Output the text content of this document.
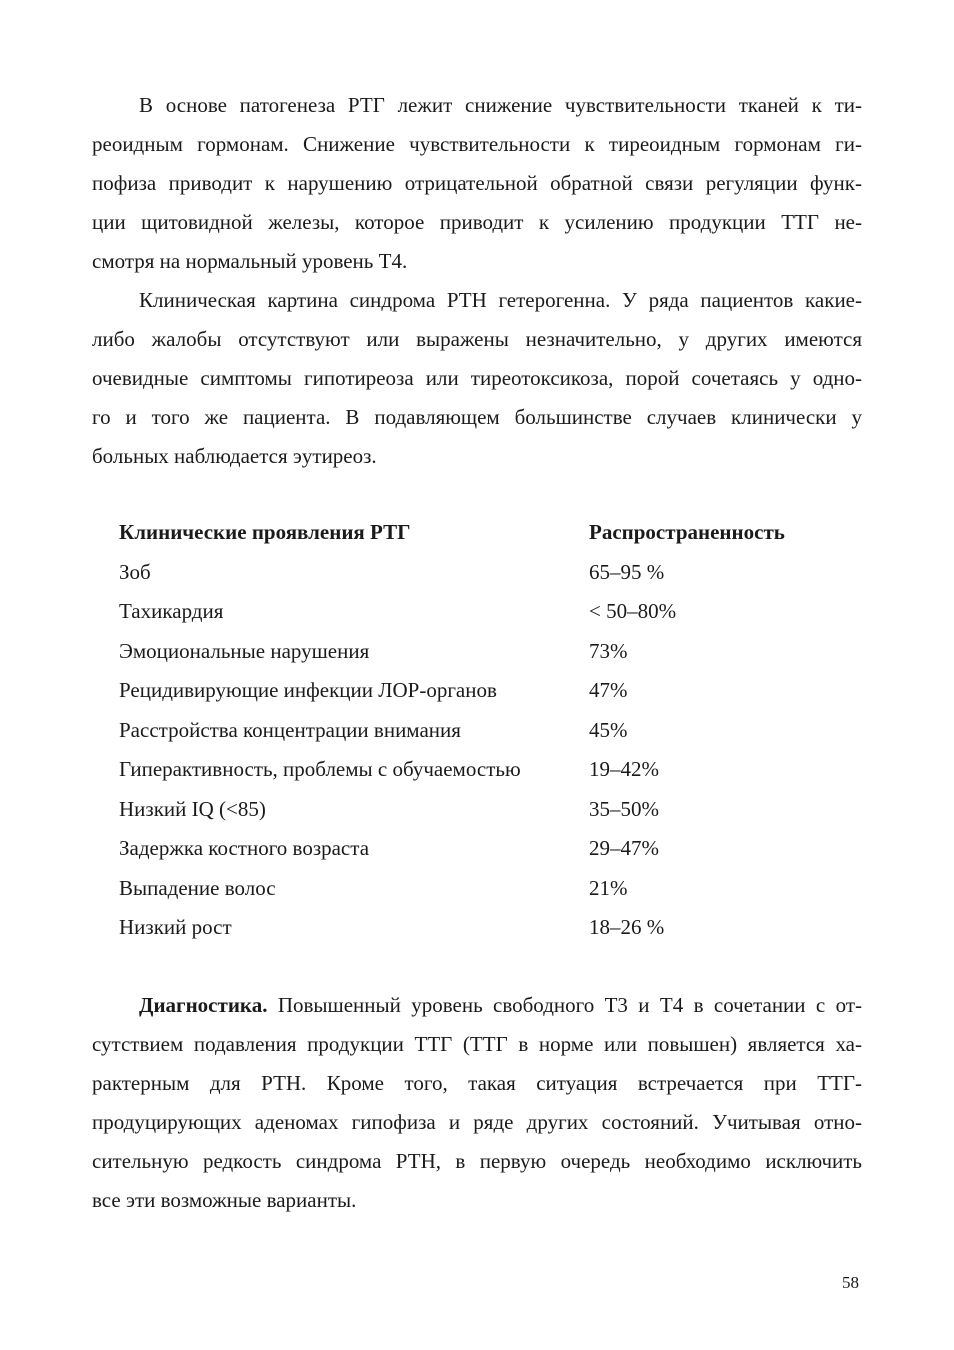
В основе патогенеза РТГ лежит снижение чувствительности тканей к ти-
реоидным гормонам. Снижение чувствительности к тиреоидным гормонам ги-
пофиза приводит к нарушению отрицательной обратной связи регуляции функ-
ции щитовидной железы, которое приводит к усилению продукции ТТГ не-
смотря на нормальный уровень Т4.
Клиническая картина синдрома РТН гетерогенна. У ряда пациентов какие-
либо жалобы отсутствуют или выражены незначительно, у других имеются
очевидные симптомы гипотиреоза или тиреотоксикоза, порой сочетаясь у одно-
го и того же пациента. В подавляющем большинстве случаев клинически у
больных наблюдается эутиреоз.
Клинические проявления РТГ	Распространенность
Зоб	65–95 %
Тахикардия	< 50–80%
Эмоциональные нарушения	73%
Рецидивирующие инфекции ЛОР-органов	47%
Расстройства концентрации внимания	45%
Гиперактивность, проблемы с обучаемостью	19–42%
Низкий IQ (<85)	35–50%
Задержка костного возраста	29–47%
Выпадение волос	21%
Низкий рост	18–26 %
Диагностика. Повышенный уровень свободного Т3 и Т4 в сочетании с от-
сутствием подавления продукции ТТГ (ТТГ в норме или повышен) является ха-
рактерным для РТН. Кроме того, такая ситуация встречается при ТТГ-
продуцирующих аденомах гипофиза и ряде других состояний. Учитывая отно-
сительную редкость синдрома РТН, в первую очередь необходимо исключить
все эти возможные варианты.
58
